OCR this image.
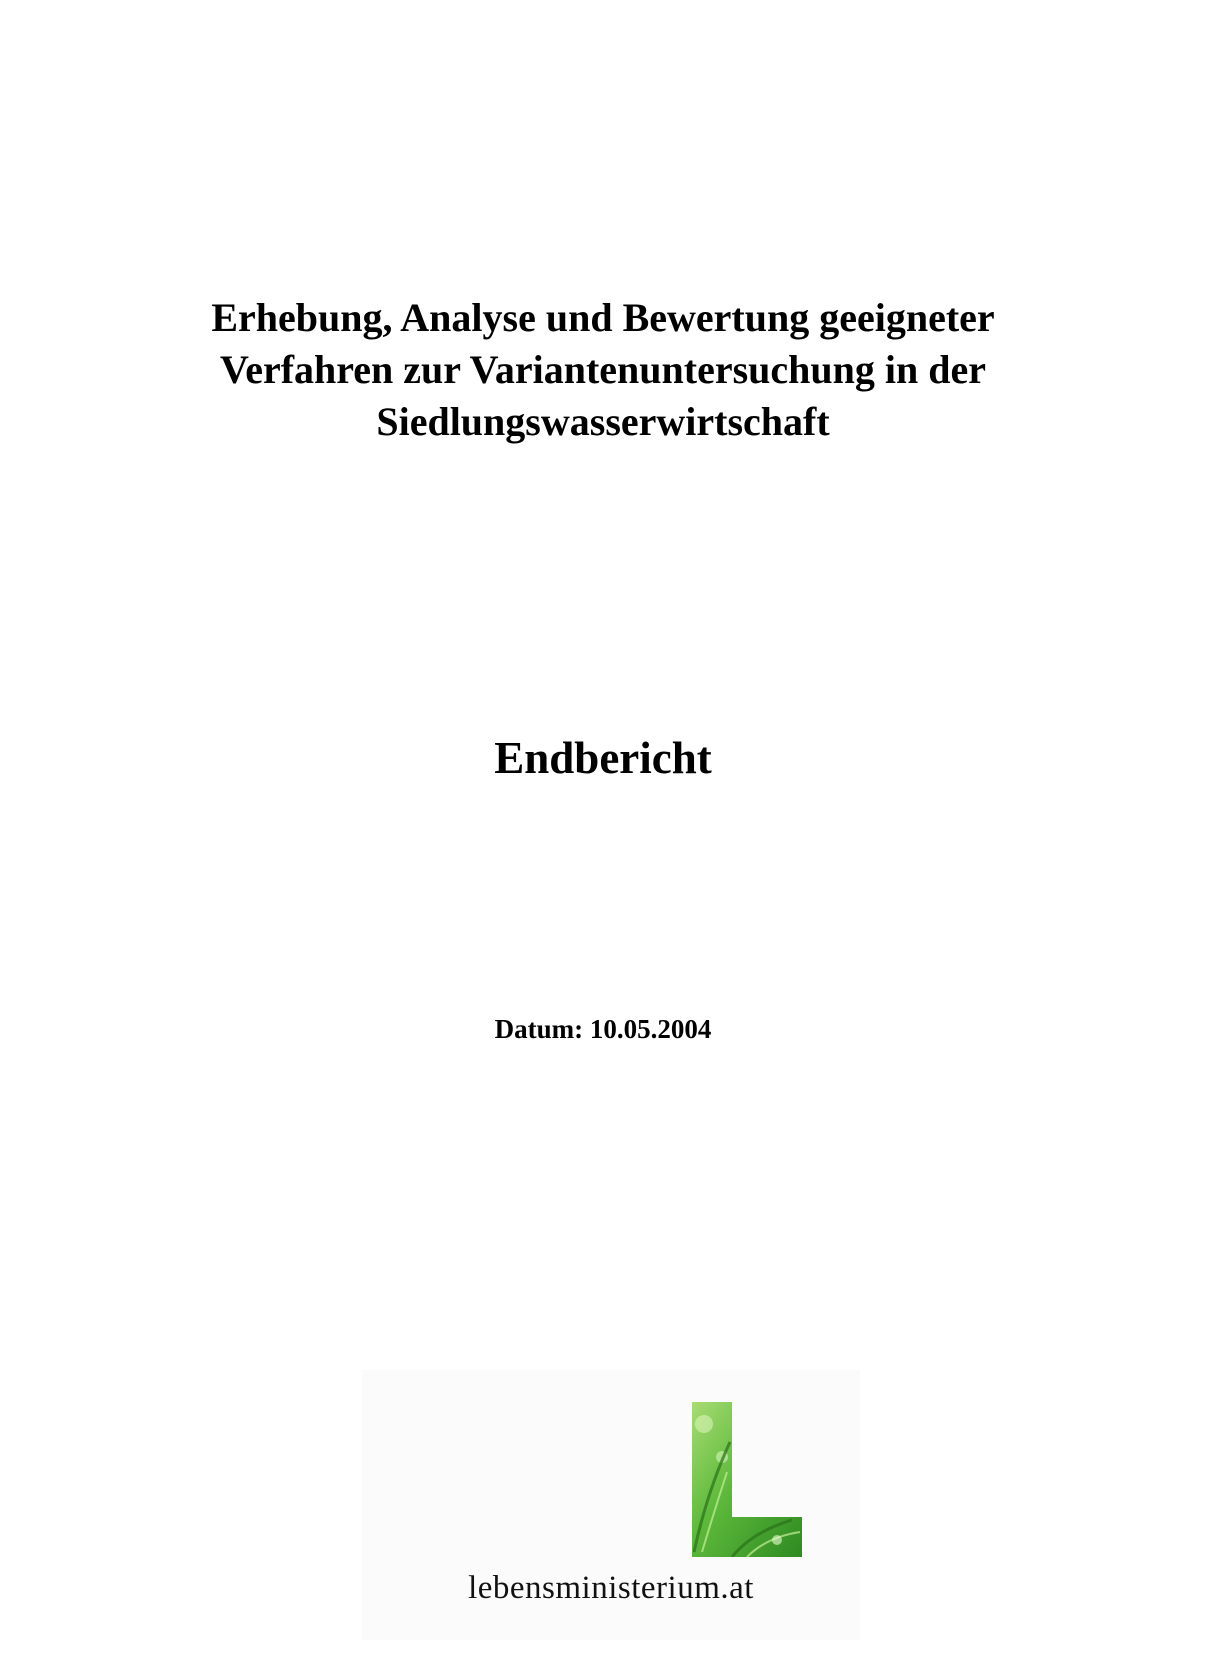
Erhebung, Analyse und Bewertung geeigneter
Verfahren zur Variantenuntersuchung in der
Siedlungswasserwirtschaft
Endbericht

Datum: 10.05.2004

lebensministerium.at
